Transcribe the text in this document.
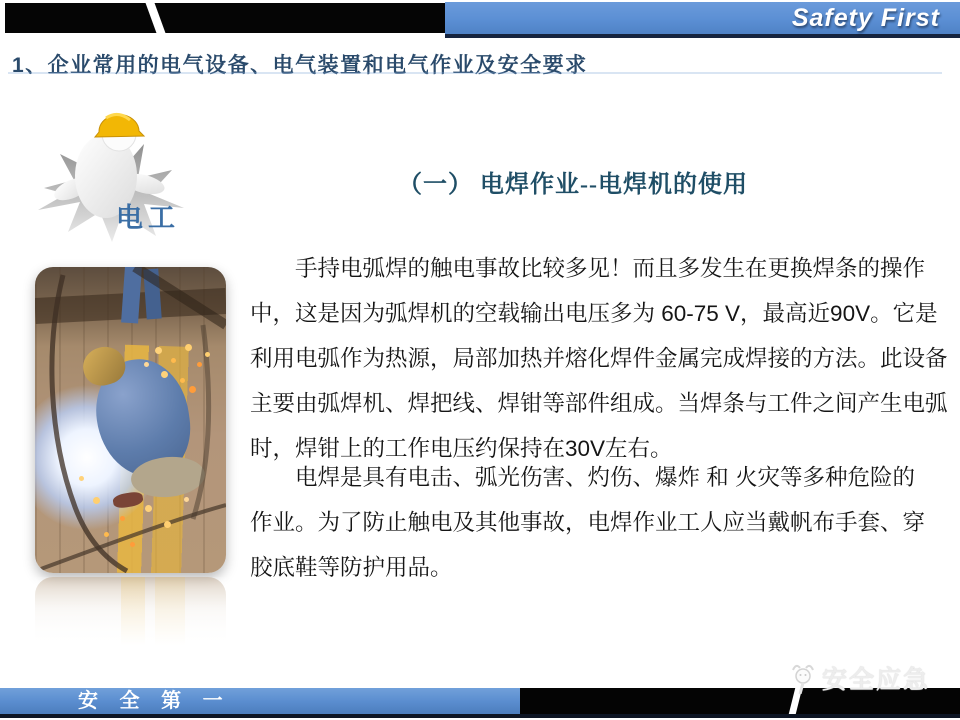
Safety First
1、企业常用的电气设备、电气装置和电气作业及安全要求
电工
（一） 电焊作业--电焊机的使用

手持电弧焊的触电事故比较多见！而且多发生在更换焊条的操作中，这是因为弧焊机的空载输出电压多为 60-75 V，最高近90V。它是利用电弧作为热源，局部加热并熔化焊件金属完成焊接的方法。此设备主要由弧焊机、焊把线、焊钳等部件组成。当焊条与工件之间产生电弧时，焊钳上的工作电压约保持在30V左右。

电焊是具有电击、弧光伤害、灼伤、爆炸 和 火灾等多种危险的作业。为了防止触电及其他事故，电焊作业工人应当戴帆布手套、穿胶底鞋等防护用品。

安 全 第 一
安全应急
